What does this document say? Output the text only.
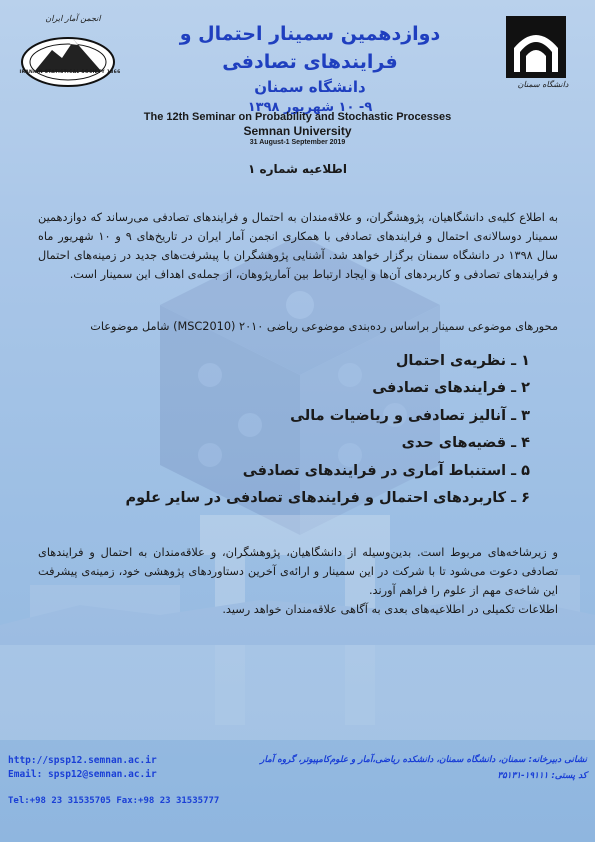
انجمن آمار ایران
IRANIAN STATISTICAL SOCIETY 1366
دانشگاه سمنان
دوازدهمین سمینار احتمال و فرایندهای تصادفی
دانشگاه سمنان
۹- ۱۰ شهریور ۱۳۹۸
The 12th Seminar on Probability and Stochastic Processes
Semnan University
31 August-1 September 2019
اطلاعیه شماره ۱
به اطلاع کلیه‌ی دانشگاهیان، پژوهشگران، و علاقه‌مندان به احتمال و فرایندهای تصادفی می‌رساند که دوازدهمین سمینار دوسالانه‌ی احتمال و فرایندهای تصادفی با همکاری انجمن آمار ایران در تاریخ‌های ۹ و ۱۰ شهریور ماه سال ۱۳۹۸ در دانشگاه سمنان برگزار خواهد شد. آشنایی پژوهشگران با پیشرفت‌های جدید در زمینه‌های احتمال و فرایندهای تصادفی و کاربردهای آن‌ها و ایجاد ارتباط بین آمارپژوهان، از جمله‌ی اهداف این سمینار است.
محورهای موضوعی سمینار براساس رده‌بندی موضوعی ریاضی ۲۰۱۰ (MSC2010) شامل موضوعات
۱ ـ نظریه‌ی احتمال
۲ ـ فرایندهای تصادفی
۳ ـ آنالیز تصادفی و ریاضیات مالی
۴ ـ قضیه‌های حدی
۵ ـ استنباط آماری در فرایندهای تصادفی
۶ ـ کاربردهای احتمال و فرایندهای تصادفی در سایر علوم
و زیرشاخه‌های مربوط است. بدین‌وسیله از دانشگاهیان، پژوهشگران، و علاقه‌مندان به احتمال و فرایندهای تصادفی دعوت می‌شود تا با شرکت در این سمینار و ارائه‌ی آخرین دستاوردهای پژوهشی خود، زمینه‌ی پیشرفت این شاخه‌ی مهم از علوم را فراهم آورند.
اطلاعات تکمیلی در اطلاعیه‌های بعدی به آگاهی علاقه‌مندان خواهد رسید.
http://spsp12.semnan.ac.ir
Email: spsp12@semnan.ac.ir
Tel:+98 23 31535705 Fax:+98 23 31535777
نشانی دبیرخانه: سمنان، دانشگاه سمنان، دانشکده ریاضی،آمار و علوم‌کامپیوتر، گروه آمار
کد پستی: ۱۹۱۱۱-۳۵۱۳۱
